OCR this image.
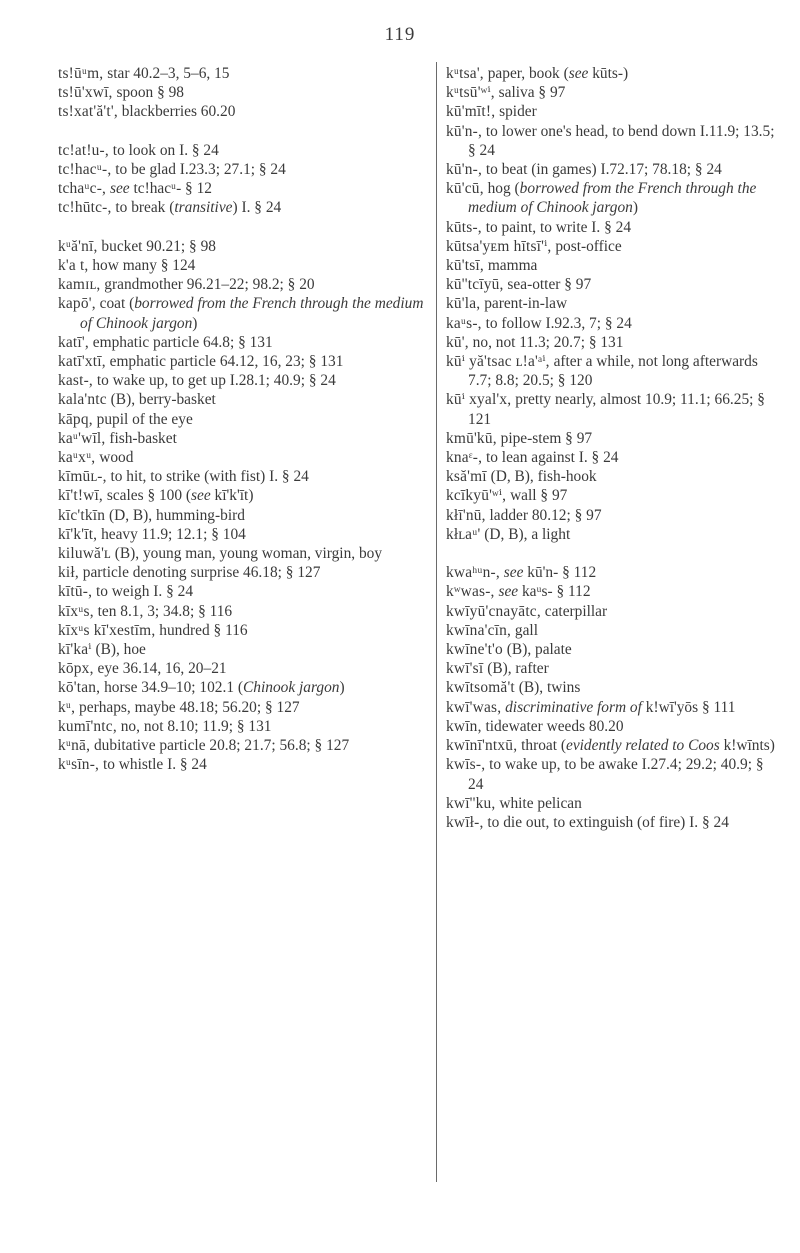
119

ts!ūᵘm, star 40.2–3, 5–6, 15

ts!ū'xwī, spoon § 98

ts!xat'ă't', blackberries 60.20

tc!at!u-, to look on I. § 24

tc!hacᵘ-, to be glad I.23.3; 27.1; § 24

tchaᵘc-, see tc!hacᵘ- § 12

tc!hūtc-, to break (transitive) I. § 24

kᵘă'nī, bucket 90.21; § 98

k'a t, how many § 124

kamɪʟ, grandmother 96.21–22; 98.2; § 20

kapō', coat (borrowed from the French through the medium of Chinook jargon)

katī', emphatic particle 64.8; § 131

katī'xtī, emphatic particle 64.12, 16, 23; § 131

kast-, to wake up, to get up I.28.1; 40.9; § 24

kala'ntc (B), berry-basket

kāpq, pupil of the eye

kaᵘ'wīl, fish-basket

kaᵘxᵘ, wood

kīmūʟ-, to hit, to strike (with fist) I. § 24

kī't!wī, scales § 100 (see kī'k'īt)

kīc'tkīn (D, B), humming-bird

kī'k'īt, heavy 11.9; 12.1; § 104

kiluwă'ʟ (B), young man, young woman, virgin, boy

kił, particle denoting surprise 46.18; § 127

kītū-, to weigh I. § 24

kīxᵘs, ten 8.1, 3; 34.8; § 116

kīxᵘs kī'xestīm, hundred § 116

kī'kaⁱ (B), hoe

kōpx, eye 36.14, 16, 20–21

kō'tan, horse 34.9–10; 102.1 (Chinook jargon)

kᵘ, perhaps, maybe 48.18; 56.20; § 127

kumī'ntc, no, not 8.10; 11.9; § 131

kᵘnā, dubitative particle 20.8; 21.7; 56.8; § 127

kᵘsīn-, to whistle I. § 24

kᵘtsa', paper, book (see kūts-)

kᵘtsū'ʷⁱ, saliva § 97

kū'mīt!, spider

kū'n-, to lower one's head, to bend down I.11.9; 13.5; § 24

kū'n-, to beat (in games) I.72.17; 78.18; § 24

kū'cū, hog (borrowed from the French through the medium of Chinook jargon)

kūts-, to paint, to write I. § 24

kūtsa'yᴇm hītsī'ⁱ, post-office

kū'tsī, mamma

kū''tcīyū, sea-otter § 97

kū'la, parent-in-law

kaᵘs-, to follow I.92.3, 7; § 24

kū', no, not 11.3; 20.7; § 131

kūⁱ yă'tsac ʟ!a'ᵃⁱ, after a while, not long afterwards 7.7; 8.8; 20.5; § 120

kūⁱ xyal'x, pretty nearly, almost 10.9; 11.1; 66.25; § 121

kmū'kū, pipe-stem § 97

knaᵋ-, to lean against I. § 24

ksă'mī (D, B), fish-hook

kcīkyū'ʷⁱ, wall § 97

kłī'nū, ladder 80.12; § 97

kłʟaᵘ' (D, B), a light

kwaʰᵘn-, see kū'n- § 112

kʷwas-, see kaᵘs- § 112

kwīyū'cnayātc, caterpillar

kwīna'cīn, gall

kwīne't'o (B), palate

kwī'sī (B), rafter

kwītsomă't (B), twins

kwī'was, discriminative form of k!wī'yōs § 111

kwīn, tidewater weeds 80.20

kwīnī'ntxū, throat (evidently related to Coos k!wīnts)

kwīs-, to wake up, to be awake I.27.4; 29.2; 40.9; § 24

kwī''ku, white pelican

kwīł-, to die out, to extinguish (of fire) I. § 24
